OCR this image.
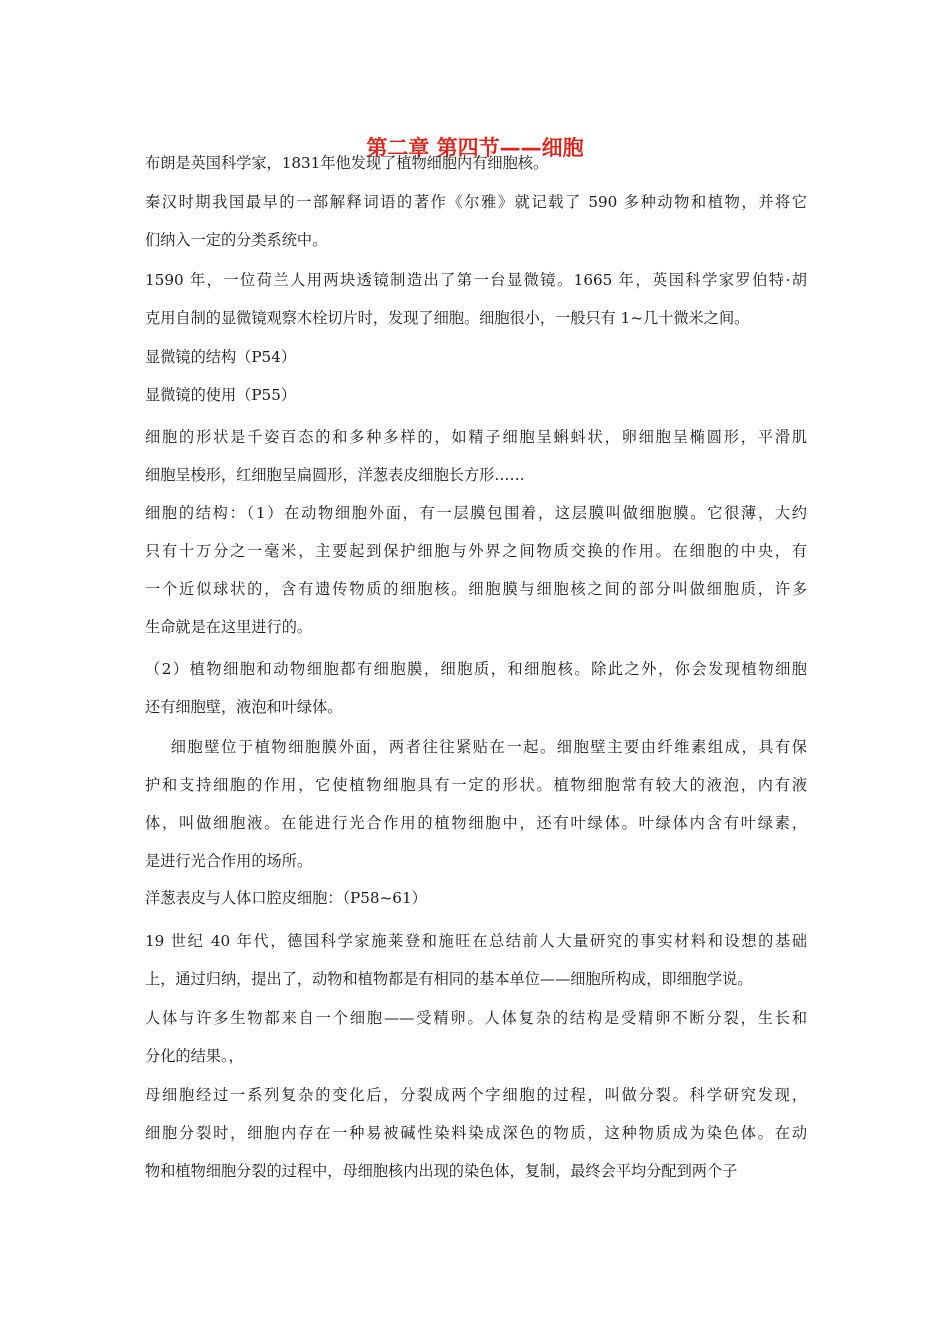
第二章 第四节——细胞
布朗是英国科学家，1831年他发现了植物细胞内有细胞核。
秦汉时期我国最早的一部解释词语的著作《尔雅》就记载了 590 多种动物和植物，并将它
们纳入一定的分类系统中。
1590 年，一位荷兰人用两块透镜制造出了第一台显微镜。1665 年，英国科学家罗伯特·胡
克用自制的显微镜观察木栓切片时，发现了细胞。细胞很小，一般只有 1~几十微米之间。
显微镜的结构（P54）
显微镜的使用（P55）
细胞的形状是千姿百态的和多种多样的，如精子细胞呈蝌蚪状，卵细胞呈椭圆形，平滑肌
细胞呈梭形，红细胞呈扁圆形，洋葱表皮细胞长方形……
细胞的结构：（1）在动物细胞外面，有一层膜包围着，这层膜叫做细胞膜。它很薄，大约
只有十万分之一毫米，主要起到保护细胞与外界之间物质交换的作用。在细胞的中央，有
一个近似球状的，含有遗传物质的细胞核。细胞膜与细胞核之间的部分叫做细胞质，许多
生命就是在这里进行的。
（2）植物细胞和动物细胞都有细胞膜，细胞质，和细胞核。除此之外，你会发现植物细胞
还有细胞壁，液泡和叶绿体。
细胞壁位于植物细胞膜外面，两者往往紧贴在一起。细胞壁主要由纤维素组成，具有保
护和支持细胞的作用，它使植物细胞具有一定的形状。植物细胞常有较大的液泡，内有液
体，叫做细胞液。在能进行光合作用的植物细胞中，还有叶绿体。叶绿体内含有叶绿素，
是进行光合作用的场所。
洋葱表皮与人体口腔皮细胞：（P58~61）
19 世纪 40 年代，德国科学家施莱登和施旺在总结前人大量研究的事实材料和设想的基础
上，通过归纳，提出了，动物和植物都是有相同的基本单位——细胞所构成，即细胞学说。
人体与许多生物都来自一个细胞——受精卵。人体复杂的结构是受精卵不断分裂，生长和
分化的结果。，
母细胞经过一系列复杂的变化后，分裂成两个字细胞的过程，叫做分裂。科学研究发现，
细胞分裂时，细胞内存在一种易被碱性染料染成深色的物质，这种物质成为染色体。在动
物和植物细胞分裂的过程中，母细胞核内出现的染色体，复制，最终会平均分配到两个子
